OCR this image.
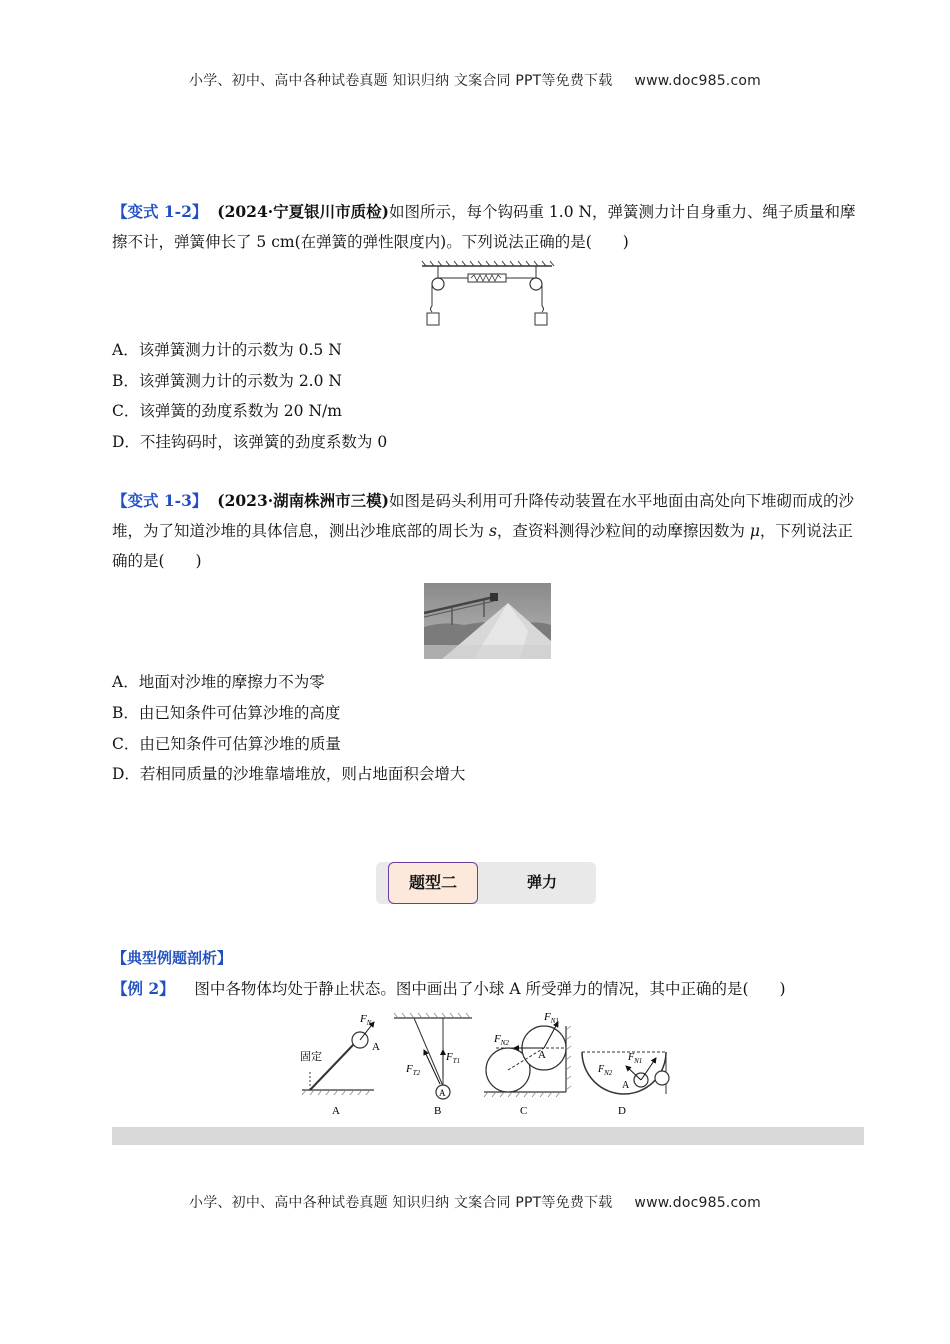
小学、初中、高中各种试卷真题 知识归纳 文案合同 PPT等免费下载 www.doc985.com
【变式 1-2】 (2024·宁夏银川市质检)如图所示，每个钩码重 1.0 N，弹簧测力计自身重力、绳子质量和摩擦不计，弹簧伸长了 5 cm(在弹簧的弹性限度内)。下列说法正确的是(　　)
A．该弹簧测力计的示数为 0.5 N
B．该弹簧测力计的示数为 2.0 N
C．该弹簧的劲度系数为 20 N/m
D．不挂钩码时，该弹簧的劲度系数为 0
【变式 1-3】 (2023·湖南株洲市三模)如图是码头利用可升降传动装置在水平地面由高处向下堆砌而成的沙堆，为了知道沙堆的具体信息，测出沙堆底部的周长为 s，查资料测得沙粒间的动摩擦因数为 μ，下列说法正确的是(　　)
A．地面对沙堆的摩擦力不为零
B．由已知条件可估算沙堆的高度
C．由已知条件可估算沙堆的质量
D．若相同质量的沙堆靠墙堆放，则占地面积会增大
题型二	弹力
【典型例题剖析】
【例 2】 图中各物体均处于静止状态。图中画出了小球 A 所受弹力的情况，其中正确的是(　　)
$F_N$
A
固定
A
A
$F_{T1}$
$F_{T2}$
B
$F_{N1}$
$F_{N2}$
A
C
$F_{N1}$
$F_{N2}$
A
D
小学、初中、高中各种试卷真题 知识归纳 文案合同 PPT等免费下载 www.doc985.com
